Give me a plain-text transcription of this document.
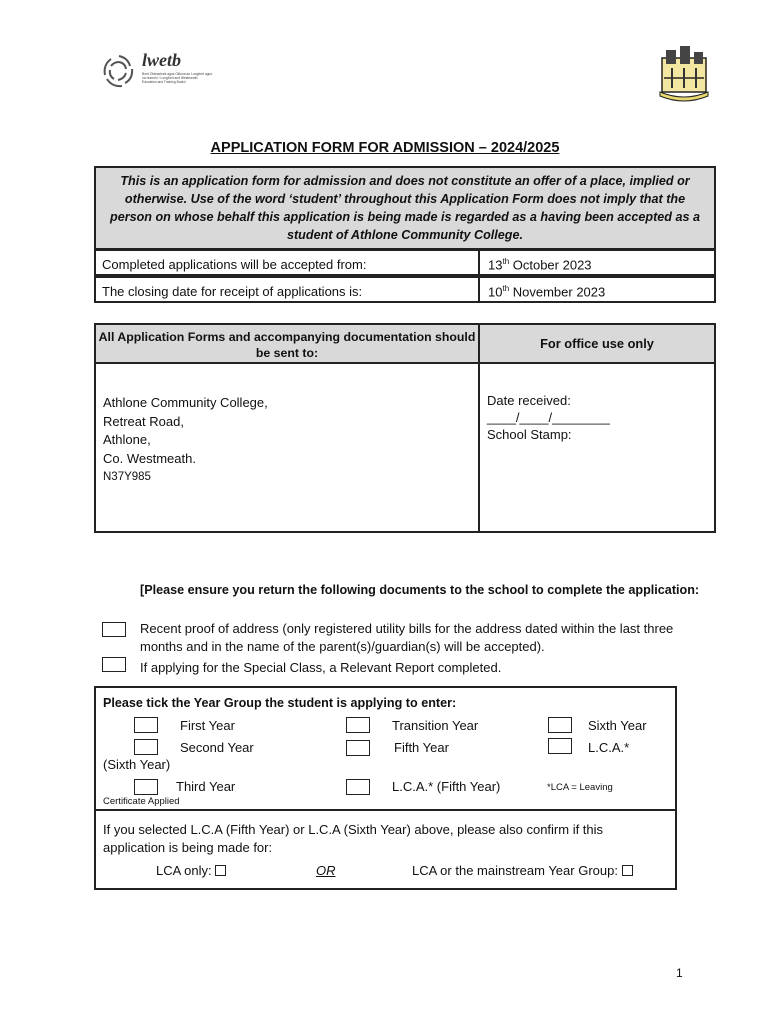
lwetb
Bord Oideachais agus Oiliúna an Longfoirt agus na hIarmhí / Longford and Westmeath Education and Training Board
APPLICATION FORM FOR ADMISSION – 2024/2025
This is an application form for admission and does not constitute an offer of a place, implied or otherwise. Use of the word ‘student’ throughout this Application Form does not imply that the person on whose behalf this application is being made is regarded as a having been accepted as a student of Athlone Community College.
Completed applications will be accepted from:	13th October 2023
The closing date for receipt of applications is:	10th November 2023
All Application Forms and accompanying documentation should be sent to:
For office use only
Athlone Community College,
Retreat Road,
Athlone,
Co. Westmeath.
N37Y985
Date received:
____/____/________
School Stamp:
[Please ensure you return the following documents to the school to complete the application:
Recent proof of address (only registered utility bills for the address dated within the last three months and in the name of the parent(s)/guardian(s) will be accepted).
If applying for the Special Class, a Relevant Report completed.
Please tick the Year Group the student is applying to enter:
First Year	Transition Year	Sixth Year
Second Year	Fifth Year	L.C.A.*
(Sixth Year)
Third Year	L.C.A.* (Fifth Year)	*LCA = Leaving
Certificate Applied
If you selected L.C.A (Fifth Year) or L.C.A (Sixth Year) above, please also confirm if this application is being made for:
LCA only:	OR	LCA or the mainstream Year Group:
1
